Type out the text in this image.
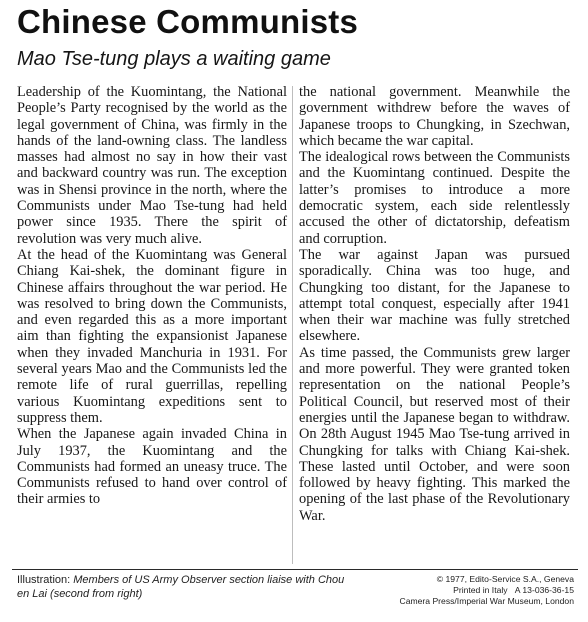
Chinese Communists
Mao Tse-tung plays a waiting game

Leadership of the Kuomintang, the National People’s Party recognised by the world as the legal government of China, was firmly in the hands of the land-owning class. The landless masses had almost no say in how their vast and backward country was run. The exception was in Shensi province in the north, where the Communists under Mao Tse-tung had held power since 1935. There the spirit of revolution was very much alive.

At the head of the Kuomintang was General Chiang Kai-shek, the dominant figure in Chinese affairs throughout the war period. He was resolved to bring down the Communists, and even regarded this as a more important aim than fighting the expansionist Japanese when they invaded Manchuria in 1931. For several years Mao and the Communists led the remote life of rural guerrillas, repelling various Kuomintang expeditions sent to suppress them.

When the Japanese again invaded China in July 1937, the Kuomintang and the Communists had formed an uneasy truce. The Communists refused to hand over control of their armies to

the national government. Meanwhile the government withdrew before the waves of Japanese troops to Chungking, in Szechwan, which became the war capital.

The idealogical rows between the Communists and the Kuomintang continued. Despite the latter’s promises to introduce a more democratic system, each side relentlessly accused the other of dictatorship, defeatism and corruption.

The war against Japan was pursued sporadically. China was too huge, and Chungking too distant, for the Japanese to attempt total conquest, especially after 1941 when their war machine was fully stretched elsewhere.

As time passed, the Communists grew larger and more powerful. They were granted token representation on the national People’s Political Council, but reserved most of their energies until the Japanese began to withdraw. On 28th August 1945 Mao Tse-tung arrived in Chungking for talks with Chiang Kai-shek. These lasted until October, and were soon followed by heavy fighting. This marked the opening of the last phase of the Revolutionary War.

Illustration: Members of US Army Observer section liaise with Chou en Lai (second from right)
© 1977, Edito-Service S.A., Geneva
Printed in Italy A 13-036-36-15
Camera Press/Imperial War Museum, London
